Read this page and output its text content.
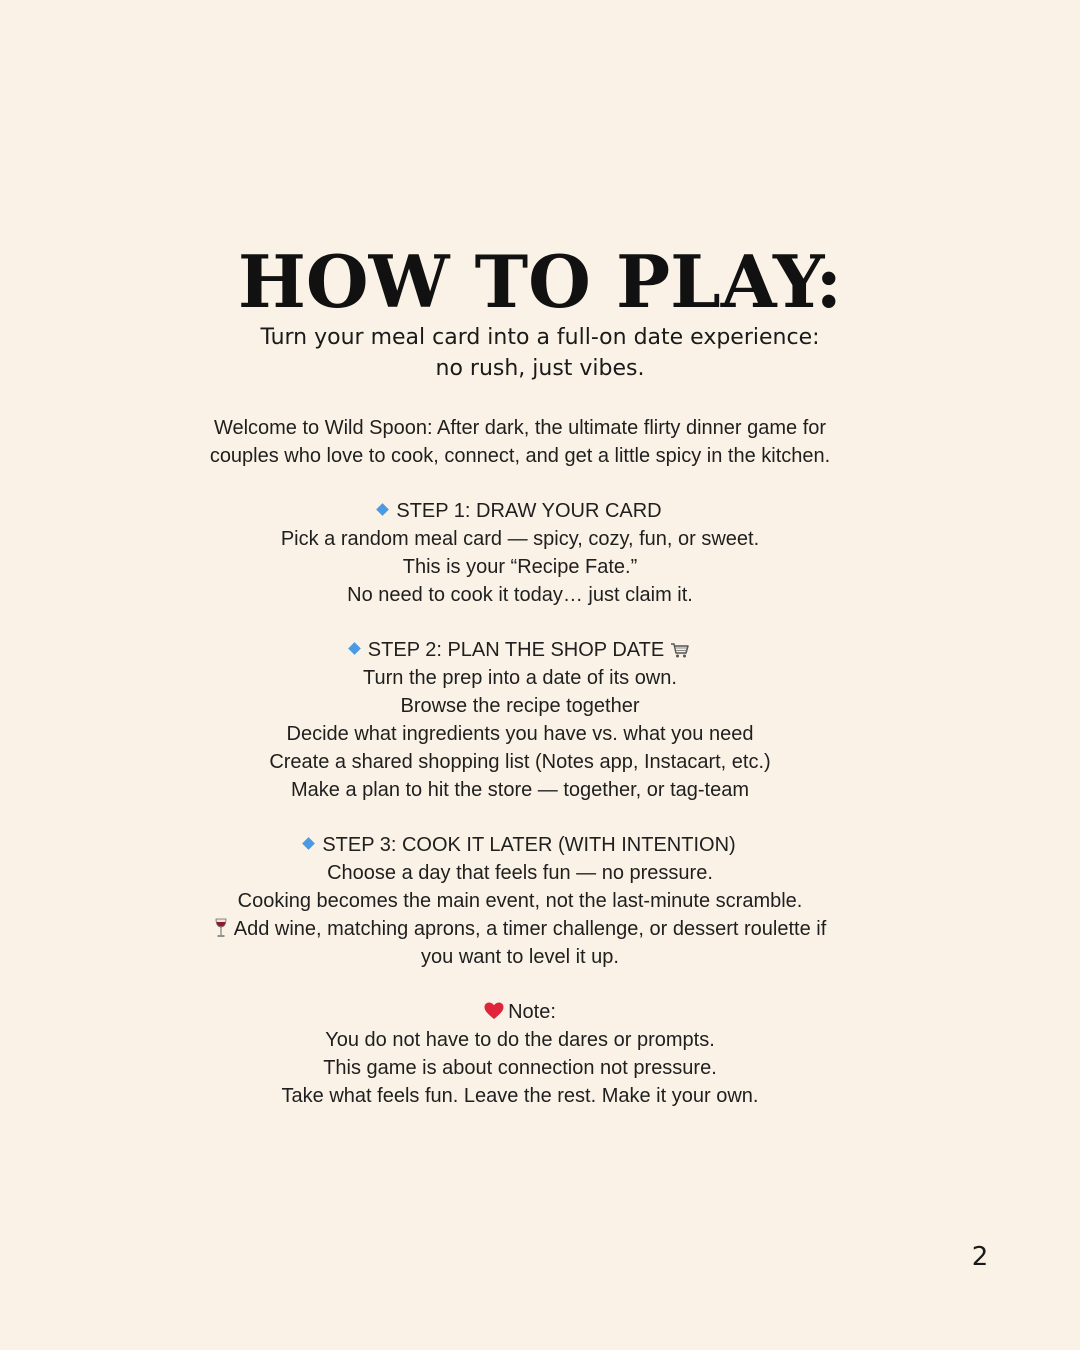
HOW TO PLAY:
Turn your meal card into a full-on date experience:
no rush, just vibes.
Welcome to Wild Spoon: After dark, the ultimate flirty dinner game for
couples who love to cook, connect, and get a little spicy in the kitchen.
STEP 1: DRAW YOUR CARD
Pick a random meal card — spicy, cozy, fun, or sweet.
This is your “Recipe Fate.”
No need to cook it today… just claim it.
STEP 2: PLAN THE SHOP DATE
Turn the prep into a date of its own.
Browse the recipe together
Decide what ingredients you have vs. what you need
Create a shared shopping list (Notes app, Instacart, etc.)
Make a plan to hit the store — together, or tag-team
STEP 3: COOK IT LATER (WITH INTENTION)
Choose a day that feels fun — no pressure.
Cooking becomes the main event, not the last-minute scramble.
Add wine, matching aprons, a timer challenge, or dessert roulette if
you want to level it up.
Note:
You do not have to do the dares or prompts.
This game is about connection not pressure.
Take what feels fun. Leave the rest. Make it your own.
2
